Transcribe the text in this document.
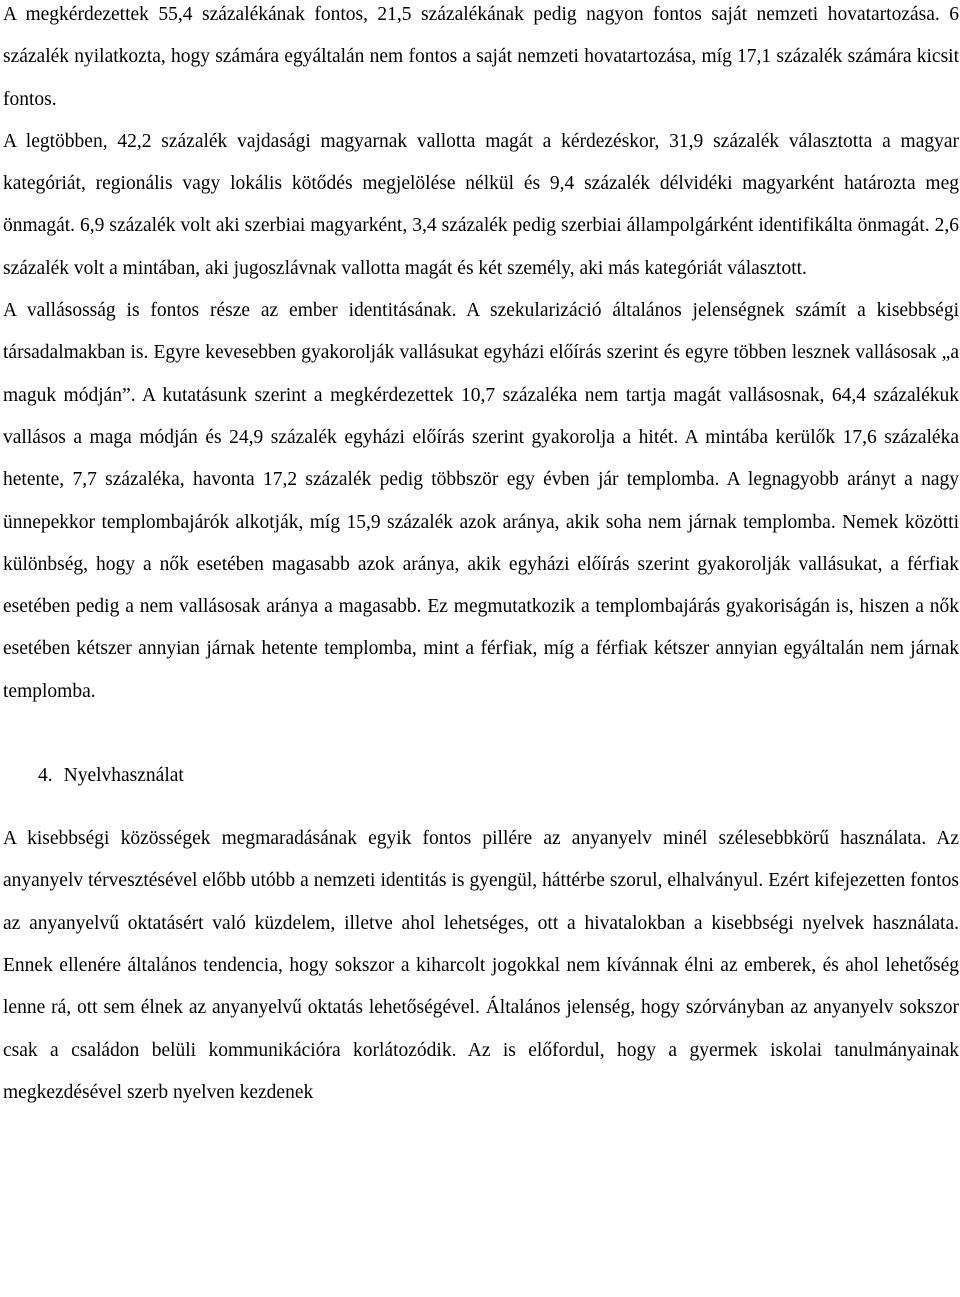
A megkérdezettek 55,4 százalékának fontos, 21,5 százalékának pedig nagyon fontos saját nemzeti hovatartozása. 6 százalék nyilatkozta, hogy számára egyáltalán nem fontos a saját nemzeti hovatartozása, míg 17,1 százalék számára kicsit fontos.

A legtöbben, 42,2 százalék vajdasági magyarnak vallotta magát a kérdezéskor, 31,9 százalék választotta a magyar kategóriát, regionális vagy lokális kötődés megjelölése nélkül és 9,4 százalék délvidéki magyarként határozta meg önmagát. 6,9 százalék volt aki szerbiai magyarként, 3,4 százalék pedig szerbiai állampolgárként identifikálta önmagát. 2,6 százalék volt a mintában, aki jugoszlávnak vallotta magát és két személy, aki más kategóriát választott.

A vallásosság is fontos része az ember identitásának. A szekularizáció általános jelenségnek számít a kisebbségi társadalmakban is. Egyre kevesebben gyakorolják vallásukat egyházi előírás szerint és egyre többen lesznek vallásosak „a maguk módján”. A kutatásunk szerint a megkérdezettek 10,7 százaléka nem tartja magát vallásosnak, 64,4 százalékuk vallásos a maga módján és 24,9 százalék egyházi előírás szerint gyakorolja a hitét. A mintába kerülők 17,6 százaléka hetente, 7,7 százaléka, havonta 17,2 százalék pedig többször egy évben jár templomba. A legnagyobb arányt a nagy ünnepekkor templombajárók alkotják, míg 15,9 százalék azok aránya, akik soha nem járnak templomba. Nemek közötti különbség, hogy a nők esetében magasabb azok aránya, akik egyházi előírás szerint gyakorolják vallásukat, a férfiak esetében pedig a nem vallásosak aránya a magasabb. Ez megmutatkozik a templombajárás gyakoriságán is, hiszen a nők esetében kétszer annyian járnak hetente templomba, mint a férfiak, míg a férfiak kétszer annyian egyáltalán nem járnak templomba.

4. Nyelvhasználat

A kisebbségi közösségek megmaradásának egyik fontos pillére az anyanyelv minél szélesebbkörű használata. Az anyanyelv térvesztésével előbb utóbb a nemzeti identitás is gyengül, háttérbe szorul, elhalványul. Ezért kifejezetten fontos az anyanyelvű oktatásért való küzdelem, illetve ahol lehetséges, ott a hivatalokban a kisebbségi nyelvek használata. Ennek ellenére általános tendencia, hogy sokszor a kiharcolt jogokkal nem kívánnak élni az emberek, és ahol lehetőség lenne rá, ott sem élnek az anyanyelvű oktatás lehetőségével. Általános jelenség, hogy szórványban az anyanyelv sokszor csak a családon belüli kommunikációra korlátozódik. Az is előfordul, hogy a gyermek iskolai tanulmányainak megkezdésével szerb nyelven kezdenek
